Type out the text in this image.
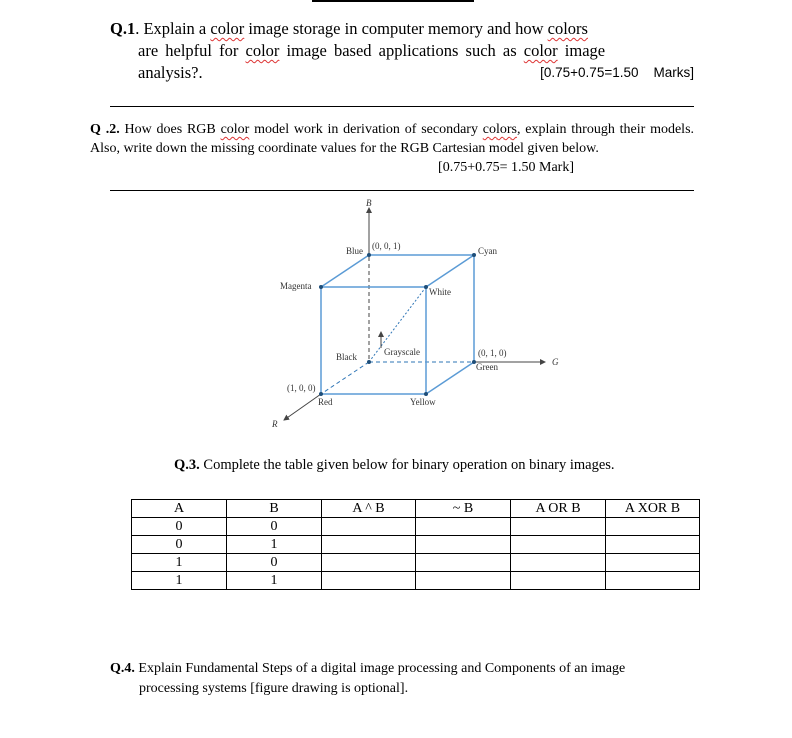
Q.1. Explain a color image storage in computer memory and how colors
are helpful for color image based applications such as color image
analysis?.	[0.75+0.75=1.50    Marks]
Q .2. How does RGB color model work in derivation of secondary colors, explain through their models. Also, write down the missing coordinate values for the RGB Cartesian model given below.
[0.75+0.75= 1.50 Mark]
B
G
R
Blue (0, 0, 1)	Cyan
Magenta
White
Grayscale
Black	(0, 1, 0)
Green
(1, 0, 0)
Red	Yellow
Q.3. Complete the table given below for binary operation on binary images.
A	B	A ^ B	~ B	A OR B	A XOR B
0	0				
0	1				
1	0				
1	1				
Q.4. Explain Fundamental Steps of a digital image processing and Components of an image
processing systems [figure drawing is optional].
